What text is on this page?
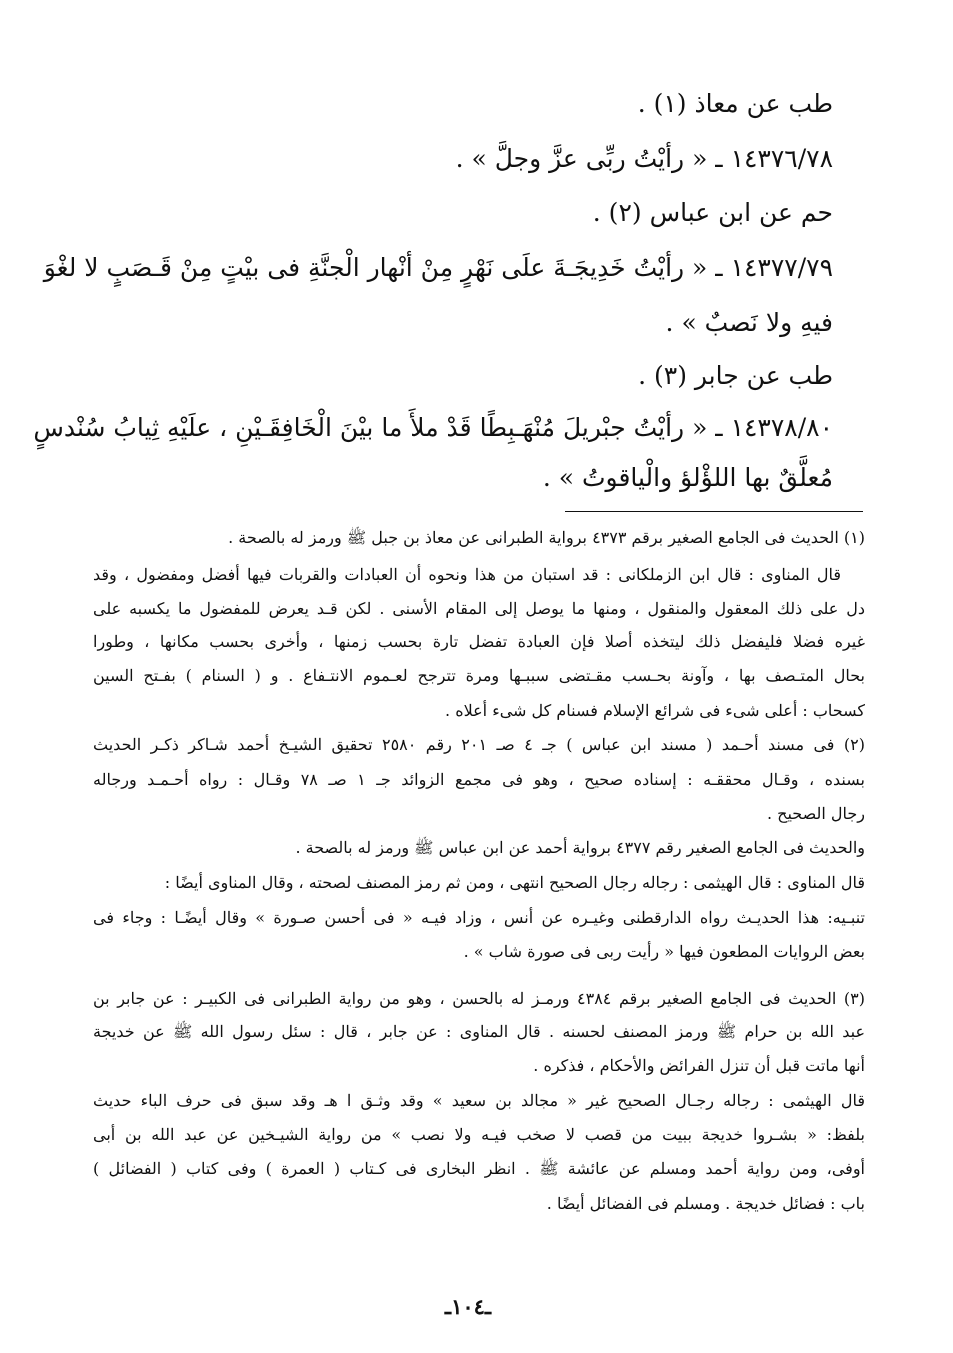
طب عن معاذ (١) .
١٤٣٧٦/٧٨ ـ « رأيْتُ ربِّى عزَّ وجلَّ » .
حم عن ابن عباس (٢) .
١٤٣٧٧/٧٩ ـ « رأيْتُ خَدِيجَـةَ علَى نَهْرٍ مِنْ أنْهار الْجنَّةِ فى بيْتٍ مِنْ قَـصَبٍ لا لغْوَ
فيهِ ولا نَصبٌ » .
طب عن جابر (٣) .
١٤٣٧٨/٨٠ ـ « رأيْتُ جبْريلَ مُنْهَـبِطًا قَدْ ملأَ ما بيْنَ الْخَافِقَـيْنِ ، علَيْهِ ثِيابُ سُنْدسٍ
مُعلَّقٌ بها اللؤْلؤ والْياقوتُ » .
(١) الحديث فى الجامع الصغير برقم ٤٣٧٣ برواية الطبرانى عن معاذ بن جبل ﷺ ورمز له بالصحة .
قال المناوى : قال ابن الزملكانى : قد استبان من هذا ونحوه أن العبادات والقربات فيها أفضل ومفضول ، وقد
دل على ذلك المعقول والمنقول ، ومنها ما يوصل إلى المقام الأسنى . لكن قـد يعرض للمفضول ما يكسبه على
غيره فضلا فليفضل ذلك ليتخذه أصلا فإن العبادة تفضل تارة بحسب زمنها ، وأخرى بحسب مكانها ، وطورا
بحال المتـصف بها ، وآونة بحـسب مقـتضى سببـها ومرة تترجح لعـموم الانتـفاع . و ( السنام ) بفـتح السين
كسحاب : أعلى شىء فى شرائع الإسلام فسنام كل شىء أعلاه .
(٢) فى مسند أحـمد ( مسند ابن عباس ) جـ ٤ صـ ٢٠١ رقم ٢٥٨٠ تحقيق الشيـخ أحمد شـاكر ذكـر الحديث
بسنده ، وقـال محققـه : إسناده صحيح ، وهو فى مجمع الزوائد جـ ١ صـ ٧٨ وقـال : رواه أحـمـد ورجاله
رجال الصحيح .
والحديث فى الجامع الصغير رقم ٤٣٧٧ برواية أحمد عن ابن عباس ﷺ ورمز له بالصحة .
قال المناوى : قال الهيثمى : رجاله رجال الصحيح انتهى ، ومن ثم رمز المصنف لصحته ، وقال المناوى أيضًا :
تنبـيه: هذا الحديـث رواه الدارقطنى وغيـره عن أنس ، وزاد فيـه « فى أحسن صـورة » وقال أيضًـا : وجاء فى
بعض الروايات المطعون فيها « رأيت ربى فى صورة شاب » .
(٣) الحديث فى الجامع الصغير برقم ٤٣٨٤ ورمـز له بالحسن ، وهو من رواية الطبرانى فى الكبيـر : عن جابر بن
عبد الله بن حرام ﷺ ورمز المصنف لحسنه . قال المناوى : عن جابر ، قال : سئل رسول الله ﷺ عن خديجة
أنها ماتت قبل أن تنزل الفرائض والأحكام ، فذكره .
قال الهيثمى : رجاله رجـال الصحيح غير « مجالد بن سعيد » وقد وثـق ا هـ وقد سبق فى حرف الباء حديث
بلفظ: « بشـروا خديجة ببيت من قصب لا صخب فيـه ولا نصب » من رواية الشيـخين عن عبد الله بن أبى
أوفى، ومن رواية أحمد ومسلم عن عائشة ﷺ . انظر البخارى فى كـتاب ( العمرة ) وفى كتاب ( الفضائل )
باب : فضائل خديجة . ومسلم فى الفضائل أيضًا .
ـ١٠٤ـ
